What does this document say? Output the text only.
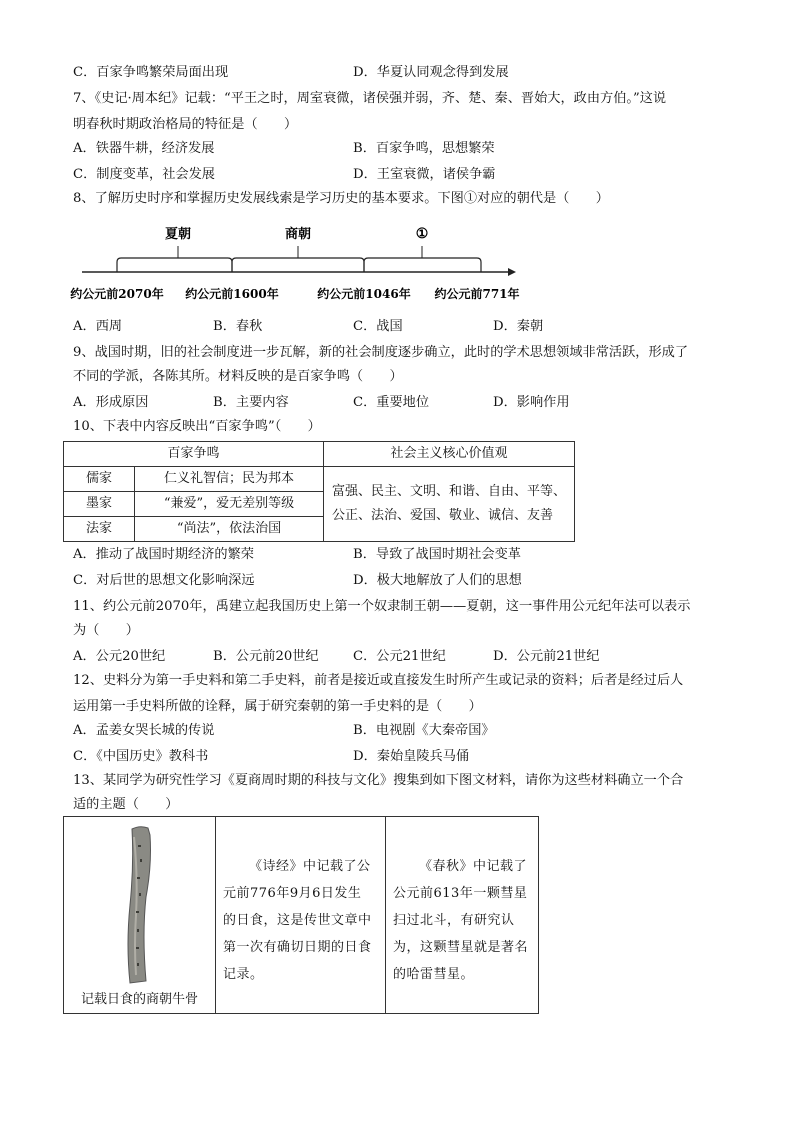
C．百家争鸣繁荣局面出现	D．华夏认同观念得到发展
7、《史记·周本纪》记载：“平王之时，周室衰微，诸侯强并弱，齐、楚、秦、晋始大，政由方伯。”这说
明春秋时期政治格局的特征是（　　）
A．铁器牛耕，经济发展	B．百家争鸣，思想繁荣
C．制度变革，社会发展	D．王室衰微，诸侯争霸
8、了解历史时序和掌握历史发展线索是学习历史的基本要求。下图①对应的朝代是（　　）
夏朝	商朝	①
约公元前2070年 约公元前1600年	约公元前1046年 约公元前771年
A．西周	B．春秋	C．战国	D．秦朝
9、战国时期，旧的社会制度进一步瓦解，新的社会制度逐步确立，此时的学术思想领域非常活跃，形成了
不同的学派，各陈其所。材料反映的是百家争鸣（　　）
A．形成原因	B．主要内容	C．重要地位	D．影响作用
10、下表中内容反映出“百家争鸣”（　　）
百家争鸣		社会主义核心价值观
儒家	仁义礼智信；民为邦本	富强、民主、文明、和谐、自由、平等、
公正、法治、爱国、敬业、诚信、友善

墨家	“兼爱”，爱无差别等级	
法家	“尚法”，依法治国	
A．推动了战国时期经济的繁荣	B．导致了战国时期社会变革
C．对后世的思想文化影响深远	D．极大地解放了人们的思想
11、约公元前2070年，禹建立起我国历史上第一个奴隶制王朝——夏朝，这一事件用公元纪年法可以表示
为（　　）
A．公元20世纪	B．公元前20世纪	C．公元21世纪	D．公元前21世纪
12、史料分为第一手史料和第二手史料，前者是接近或直接发生时所产生或记录的资料；后者是经过后人
运用第一手史料所做的诠释，属于研究秦朝的第一手史料的是（　　）
A．孟姜女哭长城的传说	B．电视剧《大秦帝国》
C．《中国历史》教科书	D．秦始皇陵兵马俑
13、某同学为研究性学习《夏商周时期的科技与文化》搜集到如下图文材料，请你为这些材料确立一个合
适的主题（　　）
记载日食的商朝牛骨
《诗经》中记载了公
元前776年9月6日发生
的日食，这是传世文章中
第一次有确切日期的日食
记录。
《春秋》中记载了
公元前613年一颗彗星
扫过北斗，有研究认
为，这颗彗星就是著名
的哈雷彗星。
